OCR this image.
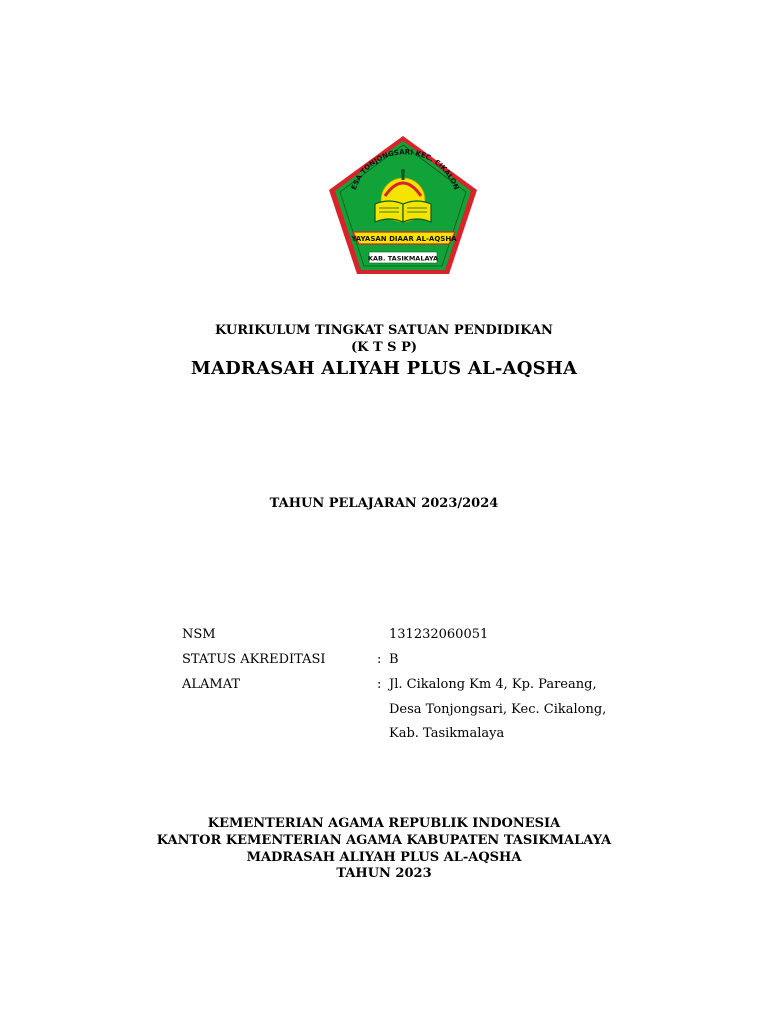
ESA TONJONGSARI KEC. CIKALON
YAYASAN DIAAR AL-AQSHA
KAB. TASIKMALAYA
KURIKULUM TINGKAT SATUAN PENDIDIKAN
(K T S P)
MADRASAH ALIYAH PLUS AL-AQSHA
TAHUN PELAJARAN 2023/2024
NSM	131232060051
STATUS AKREDITASI	: B
ALAMAT	: Jl. Cikalong Km 4, Kp. Pareang,
Desa Tonjongsari, Kec. Cikalong,
Kab. Tasikmalaya
KEMENTERIAN AGAMA REPUBLIK INDONESIA
KANTOR KEMENTERIAN AGAMA KABUPATEN TASIKMALAYA
MADRASAH ALIYAH PLUS AL-AQSHA
TAHUN 2023
